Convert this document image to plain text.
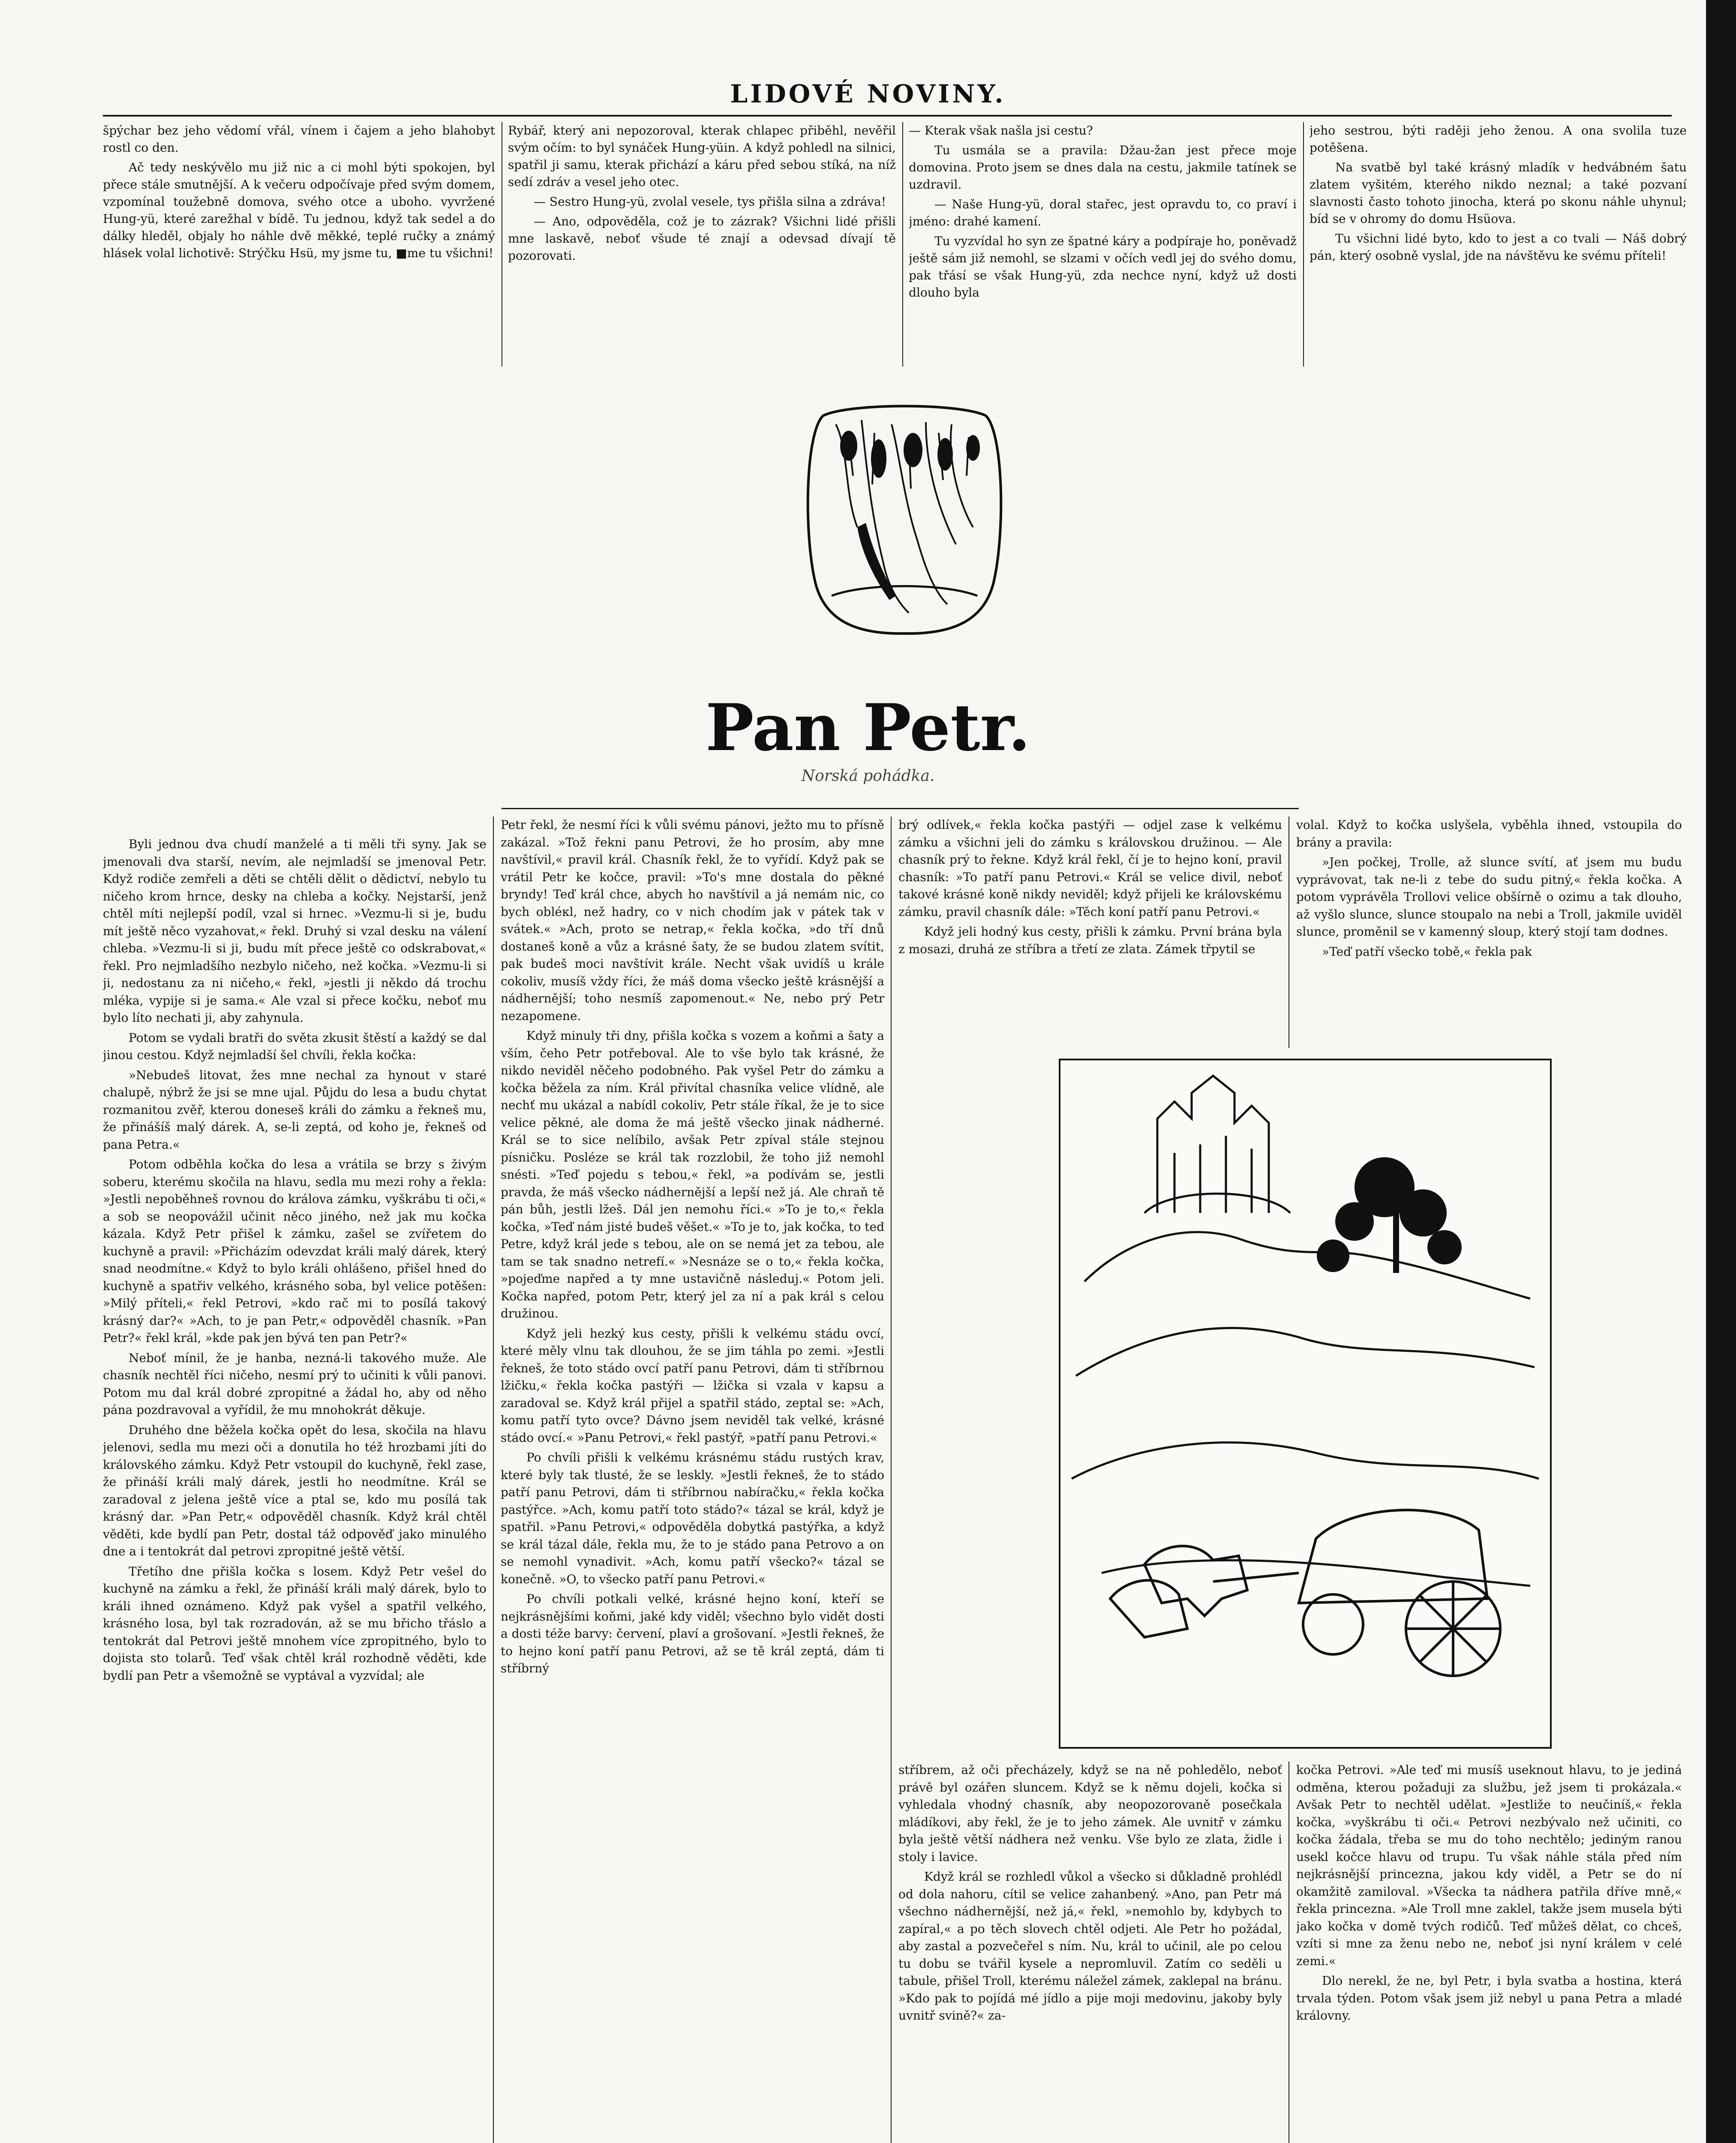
LIDOVÉ NOVINY.

špýchar bez jeho vědomí vřál, vínem i čajem a jeho blahobyt rostl co den.

Ač tedy neskývělo mu již nic a ci mohl býti spokojen, byl přece stále smutnější. A k večeru odpočívaje před svým domem, vzpomínal toužebně domova, svého otce a uboho. vyvržené Hung-yü, které zarežhal v bídě. Tu jednou, když tak sedel a do dálky hleděl, objaly ho náhle dvě měkké, teplé ručky a známý hlásek volal lichotivě: Strýčku Hsü, my jsme tu, ■me tu všichni!

Rybář, který ani nepozoroval, kterak chlapec přiběhl, nevěřil svým očím: to byl synáček Hung-yüin. A když pohledl na silnici, spatřil ji samu, kterak přichází a káru před sebou stíká, na níž sedí zdráv a vesel jeho otec.

— Sestro Hung-yü, zvolal vesele, tys přišla silna a zdráva!

— Ano, odpověděla, což je to zázrak? Všichni lidé přišli mne laskavě, neboť všude té znají a odevsad dívají tě pozorovati.

— Kterak však našla jsi cestu?

Tu usmála se a pravila: Džau-žan jest přece moje domovina. Proto jsem se dnes dala na cestu, jakmile tatínek se uzdravil.

— Naše Hung-yü, doral stařec, jest opravdu to, co praví i jméno: drahé kamení.

Tu vyzvídal ho syn ze špatné káry a podpíraje ho, poněvadž ještě sám již nemohl, se slzami v očích vedl jej do svého domu, pak třásí se však Hung-yü, zda nechce nyní, když už dosti dlouho byla

jeho sestrou, býti raději jeho ženou. A ona svolila tuze potěšena.

Na svatbě byl také krásný mladík v hedvábném šatu zlatem vyšitém, kterého nikdo neznal; a také pozvaní slavnosti často tohoto jinocha, která po skonu náhle uhynul; bíd se v ohromy do domu Hsüova.

Tu všichni lidé byto, kdo to jest a co tvali — Náš dobrý pán, který osobně vyslal, jde na návštěvu ke svému příteli!

Pan Petr.
Norská pohádka.

Byli jednou dva chudí manželé a ti měli tři syny. Jak se jmenovali dva starší, nevím, ale nejmladší se jmenoval Petr. Když rodiče zemřeli a děti se chtěli dělit o dědictví, nebylo tu ničeho krom hrnce, desky na chleba a kočky. Nejstarší, jenž chtěl míti nejlepší podíl, vzal si hrnec. »Vezmu-li si je, budu mít ještě něco vyzahovat,« řekl. Druhý si vzal desku na válení chleba. »Vezmu-li si ji, budu mít přece ještě co odskrabovat,« řekl. Pro nejmladšího nezbylo ničeho, než kočka. »Vezmu-li si ji, nedostanu za ni ničeho,« řekl, »jestli ji někdo dá trochu mléka, vypije si je sama.« Ale vzal si přece kočku, neboť mu bylo líto nechati ji, aby zahynula.

Potom se vydali bratři do světa zkusit štěstí a každý se dal jinou cestou. Když nejmladší šel chvíli, řekla kočka:

»Nebudeš litovat, žes mne nechal za hynout v staré chalupě, nýbrž že jsi se mne ujal. Půjdu do lesa a budu chytat rozmanitou zvěř, kterou doneseš králi do zámku a řekneš mu, že přinášíš malý dárek. A, se-li zeptá, od koho je, řekneš od pana Petra.«

Potom odběhla kočka do lesa a vrátila se brzy s živým soberu, kterému skočila na hlavu, sedla mu mezi rohy a řekla: »Jestli nepoběhneš rovnou do králova zámku, vyškrábu ti oči,« a sob se neopovážil učinit něco jiného, než jak mu kočka kázala. Když Petr přišel k zámku, zašel se zvířetem do kuchyně a pravil: »Přicházím odevzdat králi malý dárek, který snad neodmítne.« Když to bylo králi ohlášeno, přišel hned do kuchyně a spatřiv velkého, krásného soba, byl velice potěšen: »Milý příteli,« řekl Petrovi, »kdo rač mi to posílá takový krásný dar?« »Ach, to je pan Petr,« odpověděl chasník. »Pan Petr?« řekl král, »kde pak jen bývá ten pan Petr?«

Neboť mínil, že je hanba, nezná-li takového muže. Ale chasník nechtěl říci ničeho, nesmí prý to učiniti k vůli panovi. Potom mu dal král dobré zpropitné a žádal ho, aby od něho pána pozdravoval a vyřídil, že mu mnohokrát děkuje.

Druhého dne běžela kočka opět do lesa, skočila na hlavu jelenovi, sedla mu mezi oči a donutila ho též hrozbami jíti do královského zámku. Když Petr vstoupil do kuchyně, řekl zase, že přináší králi malý dárek, jestli ho neodmítne. Král se zaradoval z jelena ještě více a ptal se, kdo mu posílá tak krásný dar. »Pan Petr,« odpověděl chasník. Když král chtěl věděti, kde bydlí pan Petr, dostal táž odpověď jako minulého dne a i tentokrát dal petrovi zpropitné ještě větší.

Třetího dne přišla kočka s losem. Když Petr vešel do kuchyně na zámku a řekl, že přináší králi malý dárek, bylo to králi ihned oznámeno. Když pak vyšel a spatřil velkého, krásného losa, byl tak rozradován, až se mu břicho třáslo a tentokrát dal Petrovi ještě mnohem více zpropitného, bylo to dojista sto tolarů. Teď však chtěl král rozhodně věděti, kde bydlí pan Petr a všemožně se vyptával a vyzvídal; ale

Petr řekl, že nesmí říci k vůli svému pánovi, ježto mu to přísně zakázal. »Tož řekni panu Petrovi, že ho prosím, aby mne navštívil,« pravil král. Chasník řekl, že to vyřídí. Když pak se vrátil Petr ke kočce, pravil: »To's mne dostala do pěkné bryndy! Teď král chce, abych ho navštívil a já nemám nic, co bych obléкl, než hadry, co v nich chodím jak v pátek tak v svátek.« »Ach, proto se netrap,« řekla kočka, »do tří dnů dostaneš koně a vůz a krásné šaty, že se budou zlatem svítit, pak budeš moci navštívit krále. Necht však uvidíš u krále cokoliv, musíš vždy říci, že máš doma všecko ještě krásnější a nádhernější; toho nesmíš zapomenout.« Ne, nebo prý Petr nezapomene.

Když minuly tři dny, přišla kočka s vozem a koňmi a šaty a vším, čeho Petr potřeboval. Ale to vše bylo tak krásné, že nikdo neviděl něčeho podobného. Pak vyšel Petr do zámku a kočka běžela za ním. Král přivítal chasníka velice vlídně, ale nechť mu ukázal a nabídl cokoliv, Petr stále říkal, že je to sice velice pěkné, ale doma že má ještě všecko jinak nádherné. Král se to sice nelíbilo, avšak Petr zpíval stále stejnou písničku. Posléze se král tak rozzlobil, že toho již nemohl snésti. »Teď pojedu s tebou,« řekl, »a podívám se, jestli pravda, že máš všecko nádhernější a lepší než já. Ale chraň tě pán bůh, jestli lžeš. Dál jen nemohu říci.« »To je to,« řekla kočka, »Teď nám jisté budeš věšet.« »To je to, jak kočka, to teď Petre, když král jede s tebou, ale on se nemá jet za tebou, ale tam se tak snadno netrefí.« »Nesnáze se o to,« řekla kočka, »pojeďme napřed a ty mne ustavičně následuj.« Potom jeli. Kočka napřed, potom Petr, který jel za ní a pak král s celou družinou.

Když jeli hezký kus cesty, přišli k velkému stádu ovcí, které měly vlnu tak dlouhou, že se jim táhla po zemi. »Jestli řekneš, že toto stádo ovcí patří panu Petrovi, dám ti stříbrnou lžičku,« řekla kočka pastýři — lžička si vzala v kapsu a zaradoval se. Když král přijel a spatřil stádo, zeptal se: »Ach, komu patří tyto ovce? Dávno jsem neviděl tak velké, krásné stádo ovcí.« »Panu Petrovi,« řekl pastýř, »patří panu Petrovi.«

Po chvíli přišli k velkému krásnému stádu rustých krav, které byly tak tlusté, že se leskly. »Jestli řekneš, že to stádo patří panu Petrovi, dám ti stříbrnou nabíračku,« řekla kočka pastýřce. »Ach, komu patří toto stádo?« tázal se král, když je spatřil. »Panu Petrovi,« odpověděla dobytká pastýřka, a když se král tázal dále, řekla mu, že to je stádo pana Petrovo a on se nemohl vynadivit. »Ach, komu patří všecko?« tázal se konečně. »O, to všecko patří panu Petrovi.«

Po chvíli potkali velké, krásné hejno koní, kteří se nejkrásnějšími koňmi, jaké kdy viděl; všechno bylo vidět dosti a dosti téže barvy: červení, plaví a grošovaní. »Jestli řekneš, že to hejno koní patří panu Petrovi, až se tě král zeptá, dám ti stříbrný

brý odlívek,« řekla kočka pastýři — odjel zase k velkému zámku a všichni jeli do zámku s královskou družinou. — Ale chasník prý to řekne. Když král řekl, čí je to hejno koní, pravil chasník: »To patří panu Petrovi.« Král se velice divil, neboť takové krásné koně nikdy neviděl; když přijeli ke královskému zámku, pravil chasník dále: »Těch koní patří panu Petrovi.«

Když jeli hodný kus cesty, přišli k zámku. První brána byla z mosazi, druhá ze stříbra a třetí ze zlata. Zámek třpytil se

volal. Když to kočka uslyšela, vyběhla ihned, vstoupila do brány a pravila:

»Jen počkej, Trolle, až slunce svítí, ať jsem mu budu vyprávovat, tak ne-li z tebe do sudu pitný,« řekla kočka. A potom vyprávěla Trollovi velice obšírně o ozimu a tak dlouho, až vyšlo slunce, slunce stoupalo na nebi a Troll, jakmile uviděl slunce, proměnil se v kamenný sloup, který stojí tam dodnes.

»Teď patří všecko tobě,« řekla pak

stříbrem, až oči přecházely, když se na ně pohledělo, neboť právě byl ozářen sluncem. Když se k němu dojeli, kočka si vyhledala vhodný chasník, aby neopozorovaně posečkala mládíkovi, aby řekl, že je to jeho zámek. Ale uvnitř v zámku byla ještě větší nádhera než venku. Vše bylo ze zlata, židle i stoly i lavice.

Když král se rozhledl vůkol a všecko si důkladně prohlédl od dola nahoru, cítil se velice zahanbený. »Ano, pan Petr má všechno nádhernější, než já,« řekl, »nemohlo by, kdybych to zapíral,« a po těch slovech chtěl odjeti. Ale Petr ho požádal, aby zastal a pozvečeřel s ním. Nu, král to učinil, ale po celou tu dobu se tvářil kysele a nepromluvil. Zatím co seděli u tabule, přišel Troll, kterému náležel zámek, zaklepal na bránu. »Kdo pak to pojídá mé jídlo a pije moji medovinu, jakoby byly uvnitř svině?« za-

kočka Petrovi. »Ale teď mi musíš useknout hlavu, to je jediná odměna, kterou požaduji za službu, jež jsem ti prokázala.« Avšak Petr to nechtěl udělat. »Jestliže to neučiníš,« řekla kočka, »vyškrábu ti oči.« Petrovi nezbývalo než učiniti, co kočka žádala, třeba se mu do toho nechtělo; jediným ranou usekl kočce hlavu od trupu. Tu však náhle stála před ním nejkrásnější princezna, jakou kdy viděl, a Petr se do ní okamžitě zamiloval. »Všecka ta nádhera patřila dříve mně,« řekla princezna. »Ale Troll mne zaklel, takže jsem musela býti jako kočka v domě tvých rodičů. Teď můžeš dělat, co chceš, vzíti si mne za ženu nebo ne, neboť jsi nyní králem v celé zemi.«

Dlo nerekl, že ne, byl Petr, i byla svatba a hostina, která trvala týden. Potom však jsem již nebyl u pana Petra a mladé královny.
